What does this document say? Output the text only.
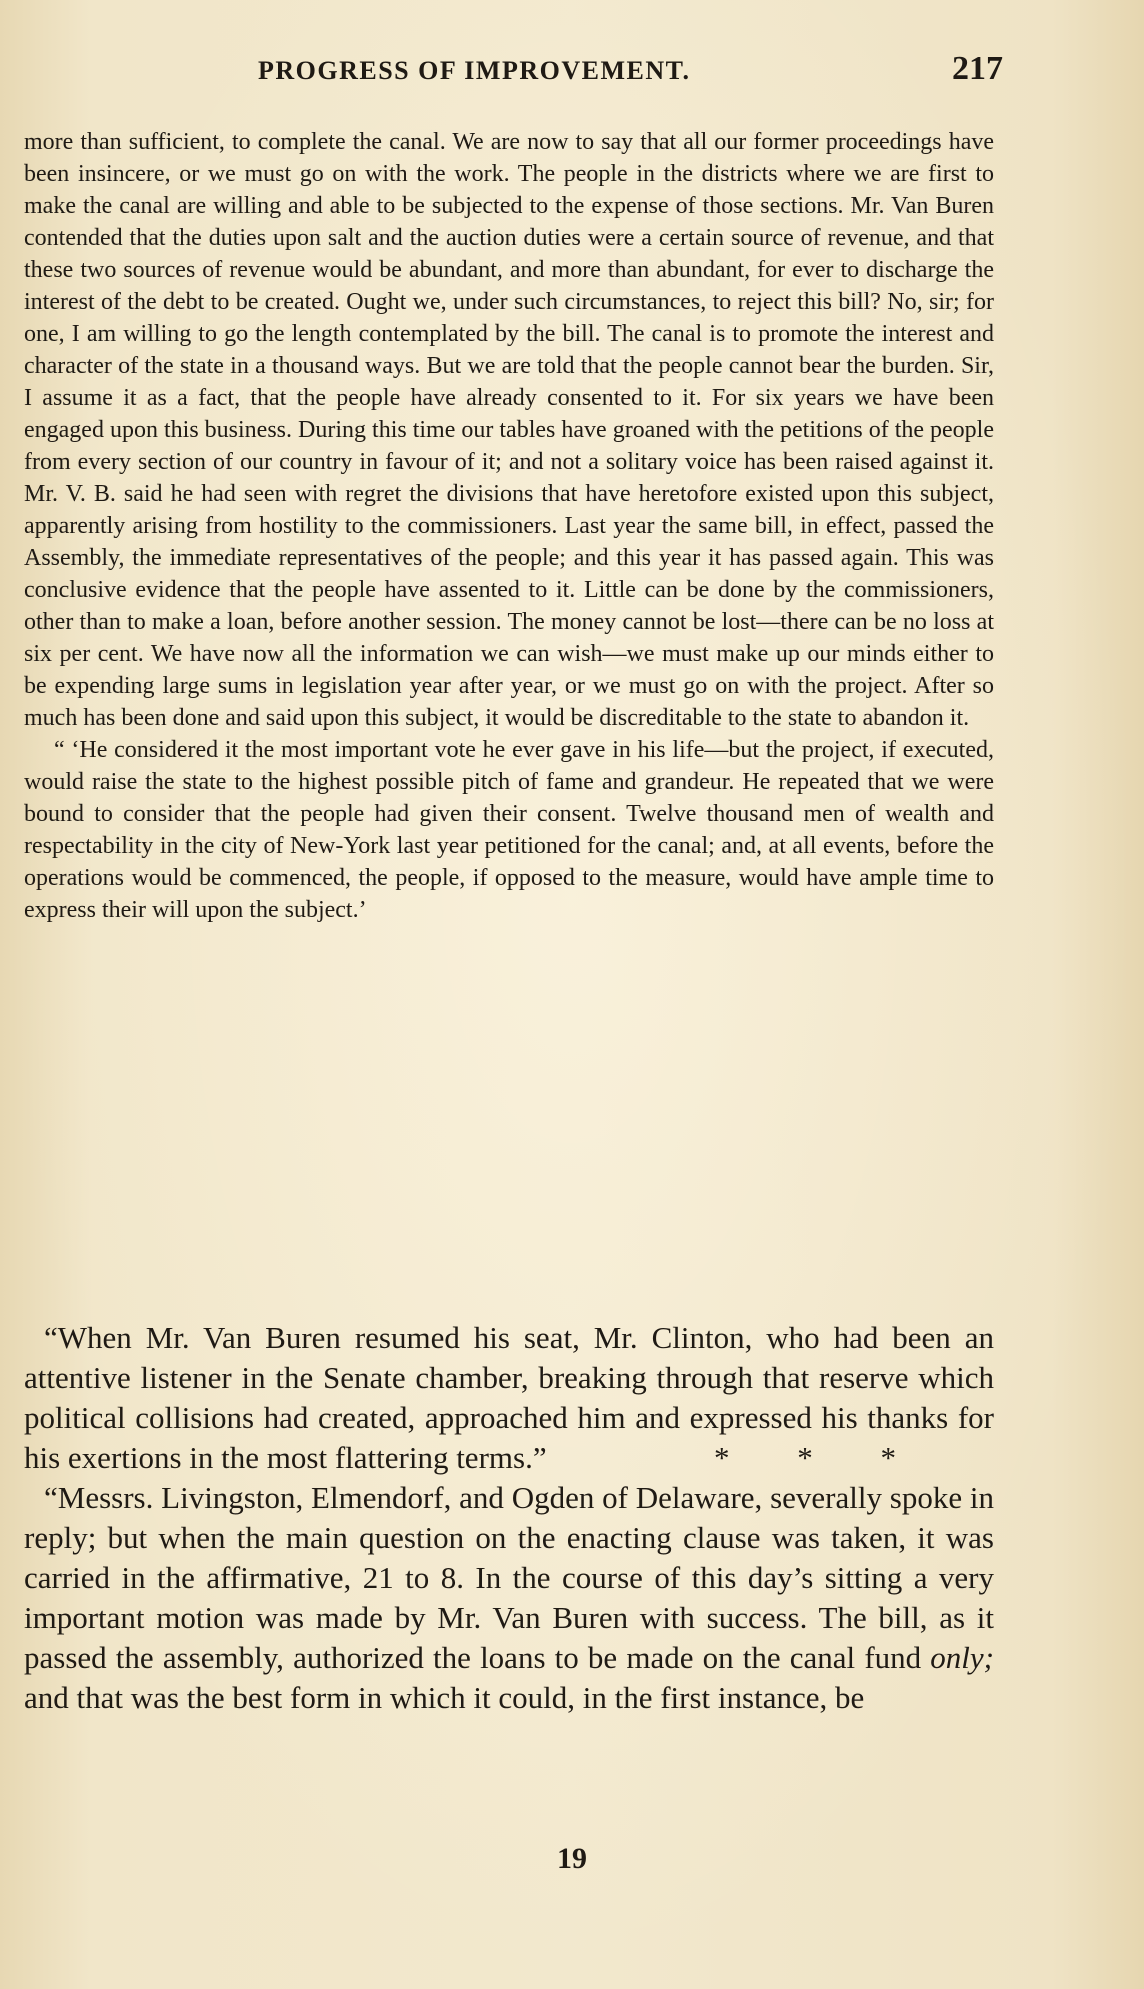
PROGRESS OF IMPROVEMENT.	217

more than sufficient, to complete the canal. We are now to say that all our former proceedings have been insincere, or we must go on with the work. The people in the districts where we are first to make the canal are willing and able to be subjected to the expense of those sections. Mr. Van Buren contended that the duties upon salt and the auction duties were a certain source of revenue, and that these two sources of revenue would be abundant, and more than abundant, for ever to discharge the interest of the debt to be created. Ought we, under such circumstances, to reject this bill? No, sir; for one, I am willing to go the length contemplated by the bill. The canal is to promote the interest and character of the state in a thousand ways. But we are told that the people cannot bear the burden. Sir, I assume it as a fact, that the people have already consented to it. For six years we have been engaged upon this business. During this time our tables have groaned with the petitions of the people from every section of our country in favour of it; and not a solitary voice has been raised against it. Mr. V. B. said he had seen with regret the divisions that have heretofore existed upon this subject, apparently arising from hostility to the commissioners. Last year the same bill, in effect, passed the Assembly, the immediate representatives of the people; and this year it has passed again. This was conclusive evidence that the people have assented to it. Little can be done by the commissioners, other than to make a loan, before another session. The money cannot be lost—there can be no loss at six per cent. We have now all the information we can wish—we must make up our minds either to be expending large sums in legislation year after year, or we must go on with the project. After so much has been done and said upon this subject, it would be discreditable to the state to abandon it.

“ ‘He considered it the most important vote he ever gave in his life—but the project, if executed, would raise the state to the highest possible pitch of fame and grandeur. He repeated that we were bound to consider that the people had given their consent. Twelve thousand men of wealth and respectability in the city of New-York last year petitioned for the canal; and, at all events, before the operations would be commenced, the people, if opposed to the measure, would have ample time to express their will upon the subject.’

“When Mr. Van Buren resumed his seat, Mr. Clinton, who had been an attentive listener in the Senate chamber, breaking through that reserve which political collisions had created, approached him and expressed his thanks for his exertions in the most flattering terms.”	* * *

“Messrs. Livingston, Elmendorf, and Ogden of Delaware, severally spoke in reply; but when the main question on the enacting clause was taken, it was carried in the affirmative, 21 to 8. In the course of this day’s sitting a very important motion was made by Mr. Van Buren with success. The bill, as it passed the assembly, authorized the loans to be made on the canal fund only; and that was the best form in which it could, in the first instance, be

19
